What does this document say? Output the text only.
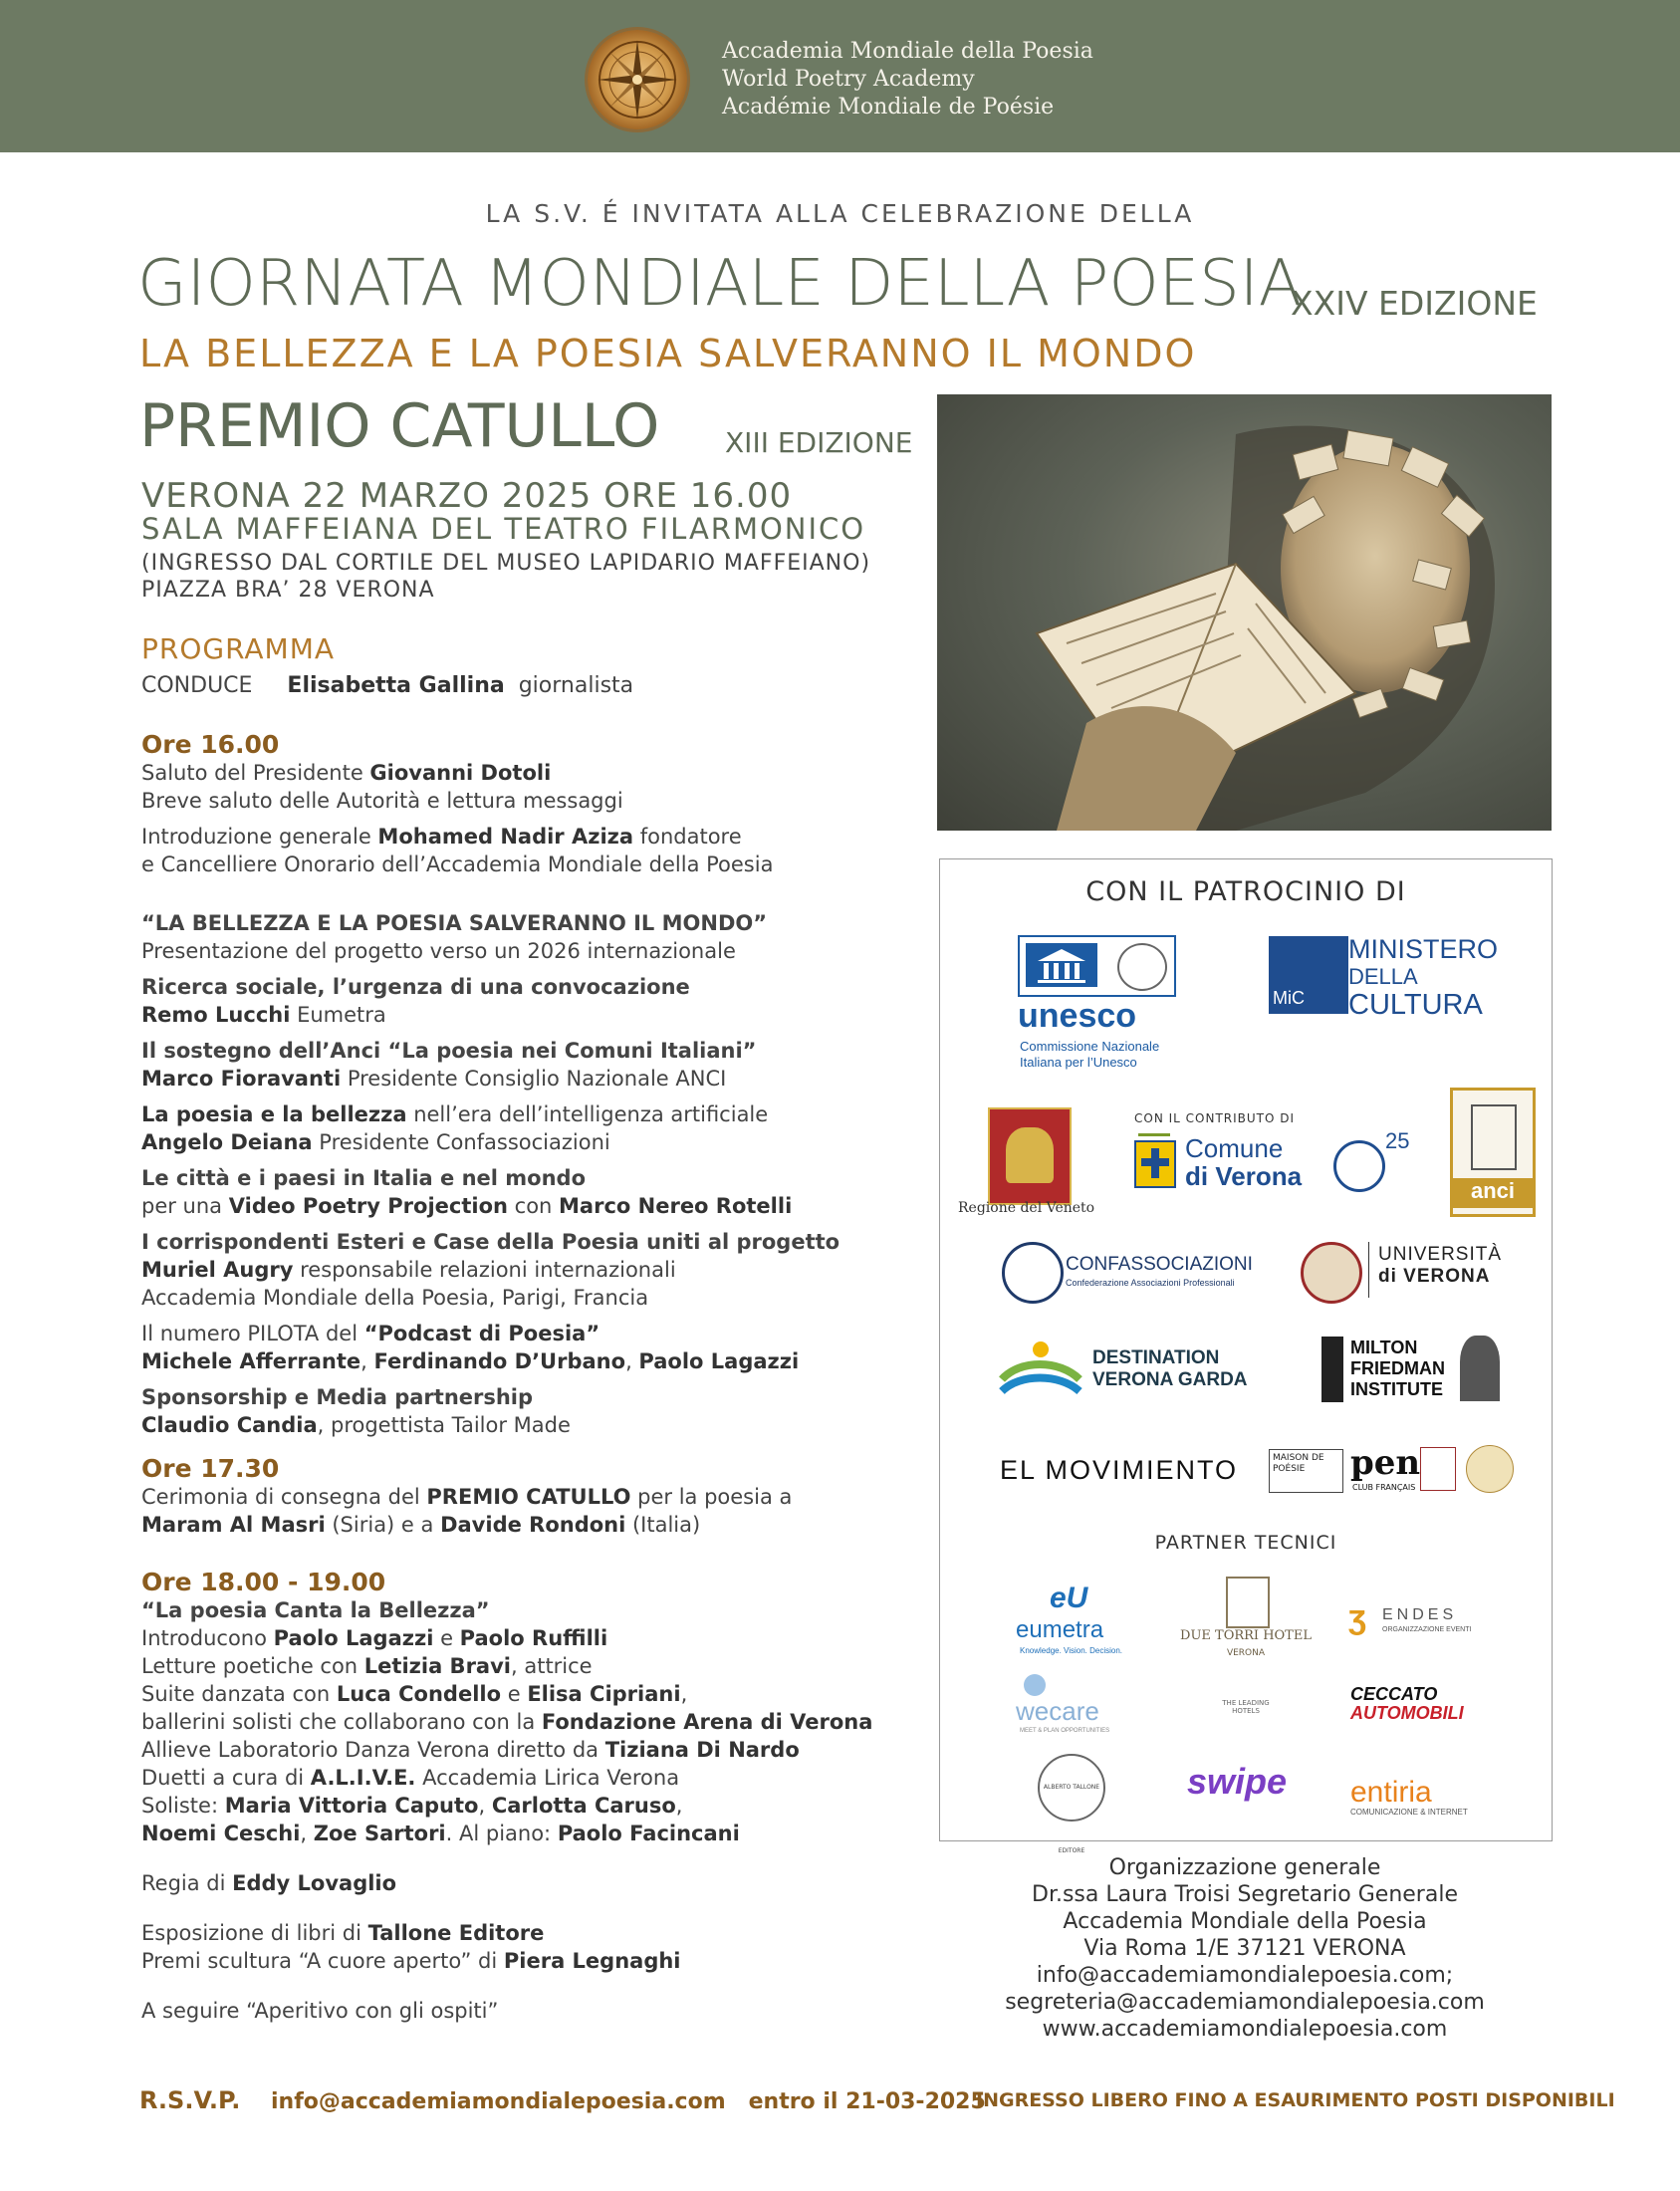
Accademia Mondiale della Poesia
World Poetry Academy
Académie Mondiale de Poésie
LA S.V. É INVITATA ALLA CELEBRAZIONE DELLA
GIORNATA MONDIALE DELLA POESIA
XXIV EDIZIONE
LA BELLEZZA E LA POESIA SALVERANNO IL MONDO
PREMIO CATULLO XIII EDIZIONE
VERONA 22 MARZO 2025 ORE 16.00
SALA MAFFEIANA DEL TEATRO FILARMONICO
(INGRESSO DAL CORTILE DEL MUSEO LAPIDARIO MAFFEIANO)
PIAZZA BRA’ 28 VERONA
PROGRAMMA
CONDUCE Elisabetta Gallina giornalista
Ore 16.00
Saluto del Presidente Giovanni Dotoli
Breve saluto delle Autorità e lettura messaggi
Introduzione generale Mohamed Nadir Aziza fondatore
e Cancelliere Onorario dell’Accademia Mondiale della Poesia
“LA BELLEZZA E LA POESIA SALVERANNO IL MONDO”
Presentazione del progetto verso un 2026 internazionale
Ricerca sociale, l’urgenza di una convocazione
Remo Lucchi Eumetra
Il sostegno dell’Anci “La poesia nei Comuni Italiani”
Marco Fioravanti Presidente Consiglio Nazionale ANCI
La poesia e la bellezza nell’era dell’intelligenza artificiale
Angelo Deiana Presidente Confassociazioni
Le città e i paesi in Italia e nel mondo
per una Video Poetry Projection con Marco Nereo Rotelli
I corrispondenti Esteri e Case della Poesia uniti al progetto
Muriel Augry responsabile relazioni internazionali
Accademia Mondiale della Poesia, Parigi, Francia
Il numero PILOTA del “Podcast di Poesia”
Michele Afferrante, Ferdinando D’Urbano, Paolo Lagazzi
Sponsorship e Media partnership
Claudio Candia, progettista Tailor Made
Ore 17.30
Cerimonia di consegna del PREMIO CATULLO per la poesia a
Maram Al Masri (Siria) e a Davide Rondoni (Italia)
Ore 18.00 - 19.00
“La poesia Canta la Bellezza”
Introducono Paolo Lagazzi e Paolo Ruffilli
Letture poetiche con Letizia Bravi, attrice
Suite danzata con Luca Condello e Elisa Cipriani,
ballerini solisti che collaborano con la Fondazione Arena di Verona
Allieve Laboratorio Danza Verona diretto da Tiziana Di Nardo
Duetti a cura di A.L.I.V.E. Accademia Lirica Verona
Soliste: Maria Vittoria Caputo, Carlotta Caruso,
Noemi Ceschi, Zoe Sartori. Al piano: Paolo Facincani
Regia di Eddy Lovaglio
Esposizione di libri di Tallone Editore
Premi scultura “A cuore aperto” di Piera Legnaghi
A seguire “Aperitivo con gli ospiti”
CON IL PATROCINIO DI
unesco
Commissione Nazionale
Italiana per l’Unesco
MiC
MINISTERO
DELLA
CULTURA
Regione del Veneto
CON IL CONTRIBUTO DI
Comune
di Verona
25
anci
CONFASSOCIAZIONI
Confederazione Associazioni Professionali
UNIVERSITÀ
di VERONA
DESTINATION
VERONA GARDA
MILTON
FRIEDMAN
INSTITUTE
EL MOVIMIENTO	MAISON DE POÉSIE	pen
CLUB FRANÇAIS
PARTNER TECNICI
eU
eumetra
Knowledge. Vision. Decision.
DUE TORRI HOTEL
VERONA
ʒ ENDES
ORGANIZZAZIONE EVENTI
wecare
MEET & PLAN OPPORTUNITIES
THE LEADING HOTELS
CECCATO
AUTOMOBILI
ALBERTO TALLONE EDITORE
swipe entiria
COMUNICAZIONE & INTERNET
Organizzazione generale
Dr.ssa Laura Troisi Segretario Generale
Accademia Mondiale della Poesia
Via Roma 1/E 37121 VERONA
info@accademiamondialepoesia.com;
segreteria@accademiamondialepoesia.com
www.accademiamondialepoesia.com
R.S.V.P. info@accademiamondialepoesia.com entro il 21-03-2025
INGRESSO LIBERO FINO A ESAURIMENTO POSTI DISPONIBILI
